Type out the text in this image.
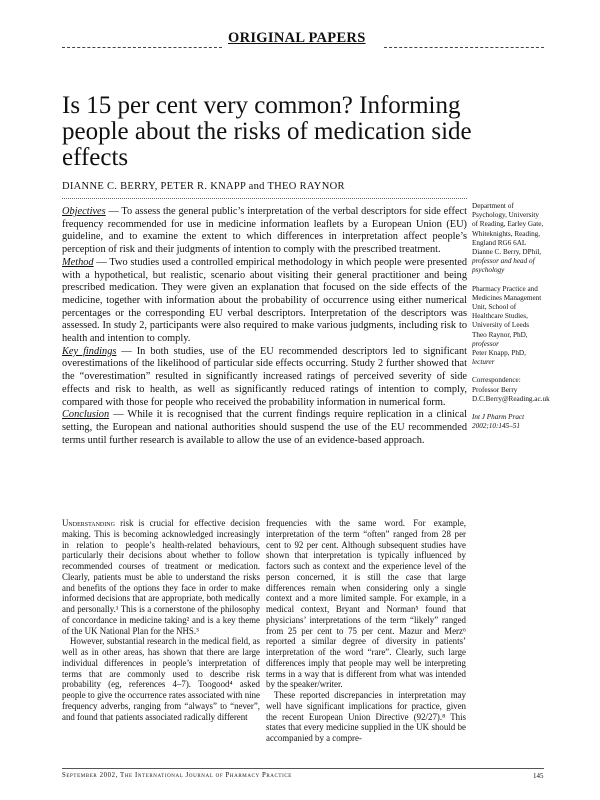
ORIGINAL PAPERS
Is 15 per cent very common? Informing people about the risks of medication side effects
DIANNE C. BERRY, PETER R. KNAPP and THEO RAYNOR

Objectives — To assess the general public’s interpretation of the verbal descriptors for side effect frequency recommended for use in medicine information leaflets by a European Union (EU) guideline, and to examine the extent to which differences in interpretation affect people’s perception of risk and their judgments of intention to comply with the prescribed treatment.

Method — Two studies used a controlled empirical methodology in which people were presented with a hypothetical, but realistic, scenario about visiting their general practitioner and being prescribed medication. They were given an explanation that focused on the side effects of the medicine, together with information about the probability of occurrence using either numerical percentages or the corresponding EU verbal descriptors. Interpretation of the descriptors was assessed. In study 2, participants were also required to make various judgments, including risk to health and intention to comply.

Key findings — In both studies, use of the EU recommended descriptors led to significant overestimations of the likelihood of particular side effects occurring. Study 2 further showed that the “overestimation” resulted in significantly increased ratings of perceived severity of side effects and risk to health, as well as significantly reduced ratings of intention to comply, compared with those for people who received the probability information in numerical form.

Conclusion — While it is recognised that the current findings require replication in a clinical setting, the European and national authorities should suspend the use of the EU recommended terms until further research is available to allow the use of an evidence-based approach.

Department of Psychology, University of Reading, Earley Gate, Whiteknights, Reading, England RG6 6AL
Dianne C. Berry, DPhil, professor and head of psychology

Pharmacy Practice and Medicines Management Unit, School of Healthcare Studies, University of Leeds
Theo Raynor, PhD, professor
Peter Knapp, PhD, lecturer

Correspondence: Professor Berry D.C.Berry@Reading.ac.uk

Int J Pharm Pract 2002;10:145–51

Understanding risk is crucial for effective decision making. This is becoming acknowledged increasingly in relation to people’s health-related behaviours, particularly their decisions about whether to follow recommended courses of treatment or medication. Clearly, patients must be able to understand the risks and benefits of the options they face in order to make informed decisions that are appropriate, both medically and personally.¹ This is a cornerstone of the philosophy of concordance in medicine taking² and is a key theme of the UK National Plan for the NHS.³

However, substantial research in the medical field, as well as in other areas, has shown that there are large individual differences in people’s interpretation of terms that are commonly used to describe risk probability (eg, references 4–7). Toogood⁴ asked people to give the occurrence rates associated with nine frequency adverbs, ranging from “always” to “never”, and found that patients associated radically different

frequencies with the same word. For example, interpretation of the term “often” ranged from 28 per cent to 92 per cent. Although subsequent studies have shown that interpretation is typically influenced by factors such as context and the experience level of the person concerned, it is still the case that large differences remain when considering only a single context and a more limited sample. For example, in a medical context, Bryant and Norman⁵ found that physicians’ interpretations of the term “likely” ranged from 25 per cent to 75 per cent. Mazur and Merz⁶ reported a similar degree of diversity in patients’ interpretation of the word “rare”. Clearly, such large differences imply that people may well be interpreting terms in a way that is different from what was intended by the speaker/writer.

These reported discrepancies in interpretation may well have significant implications for practice, given the recent European Union Directive (92/27).⁸ This states that every medicine supplied in the UK should be accompanied by a compre-

September 2002, The International Journal of Pharmacy Practice	145
